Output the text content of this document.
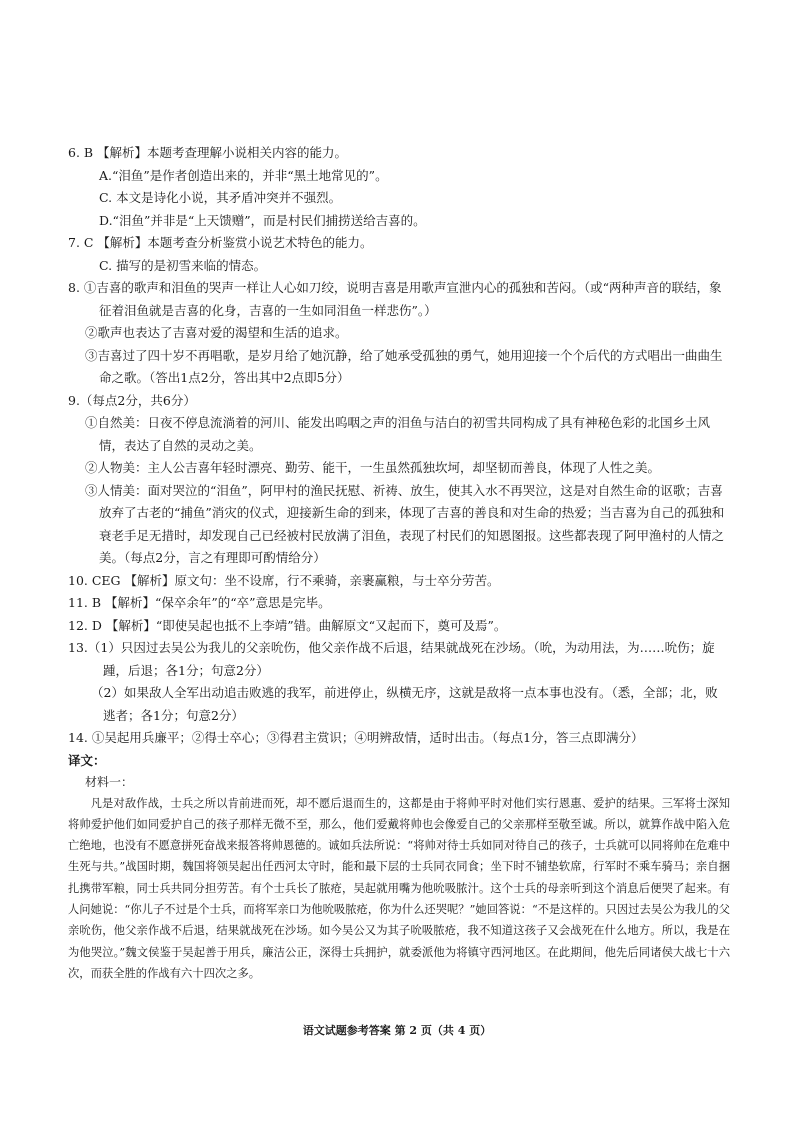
6. B 【解析】本题考查理解小说相关内容的能力。
A.“泪鱼”是作者创造出来的，并非“黑土地常见的”。
C. 本文是诗化小说，其矛盾冲突并不强烈。
D.“泪鱼”并非是“上天馈赠”，而是村民们捕捞送给吉喜的。
7. C 【解析】本题考查分析鉴赏小说艺术特色的能力。
C. 描写的是初雪来临的情态。
8. ①吉喜的歌声和泪鱼的哭声一样让人心如刀绞，说明吉喜是用歌声宣泄内心的孤独和苦闷。（或“两种声音的联结，象征着泪鱼就是吉喜的化身，吉喜的一生如同泪鱼一样悲伤”。）
②歌声也表达了吉喜对爱的渴望和生活的追求。
③吉喜过了四十岁不再唱歌，是岁月给了她沉静，给了她承受孤独的勇气，她用迎接一个个后代的方式唱出一曲曲生命之歌。（答出1点2分，答出其中2点即5分）
9.（每点2分，共6分）
①自然美：日夜不停息流淌着的河川、能发出呜咽之声的泪鱼与洁白的初雪共同构成了具有神秘色彩的北国乡土风情，表达了自然的灵动之美。
②人物美：主人公吉喜年轻时漂亮、勤劳、能干，一生虽然孤独坎坷，却坚韧而善良，体现了人性之美。
③人情美：面对哭泣的“泪鱼”，阿甲村的渔民抚慰、祈祷、放生，使其入水不再哭泣，这是对自然生命的讴歌；吉喜放弃了古老的“捕鱼”消灾的仪式，迎接新生命的到来，体现了吉喜的善良和对生命的热爱；当吉喜为自己的孤独和衰老手足无措时，却发现自己已经被村民放满了泪鱼，表现了村民们的知恩图报。这些都表现了阿甲渔村的人情之美。（每点2分，言之有理即可酌情给分）
10. CEG 【解析】原文句：坐不设席，行不乘骑，亲裹赢粮，与士卒分劳苦。
11. B 【解析】“保卒余年”的“卒”意思是完毕。
12. D 【解析】“即使吴起也抵不上李靖”错。曲解原文“又起而下，奠可及焉”。
13.（1）只因过去吴公为我儿的父亲吮伤，他父亲作战不后退，结果就战死在沙场。（吮，为动用法，为……吮伤；旋踵，后退；各1分；句意2分）
（2）如果敌人全军出动追击败逃的我军，前进停止，纵横无序，这就是敌将一点本事也没有。（悉，全部；北，败逃者；各1分；句意2分）
14. ①吴起用兵廉平；②得士卒心；③得君主赏识；④明辨敌情，适时出击。（每点1分，答三点即满分）
译文：
材料一：

凡是对敌作战，士兵之所以肯前进而死，却不愿后退而生的，这都是由于将帅平时对他们实行恩惠、爱护的结果。三军将士深知将帅爱护他们如同爱护自己的孩子那样无微不至，那么，他们爱戴将帅也会像爱自己的父亲那样至敬至诚。所以，就算作战中陷入危亡绝地，也没有不愿意拼死奋战来报答将帅恩德的。诚如兵法所说：“将帅对待士兵如同对待自己的孩子，士兵就可以同将帅在危难中生死与共。”战国时期，魏国将领吴起出任西河太守时，能和最下层的士兵同衣同食；坐下时不铺垫软席，行军时不乘车骑马；亲自捆扎携带军粮，同士兵共同分担劳苦。有个士兵长了脓疮，吴起就用嘴为他吮吸脓汁。这个士兵的母亲听到这个消息后便哭了起来。有人问她说：“你儿子不过是个士兵，而将军亲口为他吮吸脓疮，你为什么还哭呢？”她回答说：“不是这样的。只因过去吴公为我儿的父亲吮伤，他父亲作战不后退，结果就战死在沙场。如今吴公又为其子吮吸脓疮，我不知道这孩子又会战死在什么地方。所以，我是在为他哭泣。”魏文侯鉴于吴起善于用兵，廉洁公正，深得士兵拥护，就委派他为将镇守西河地区。在此期间，他先后同诸侯大战七十六次，而获全胜的作战有六十四次之多。

语文试题参考答案 第 2 页（共 4 页）
